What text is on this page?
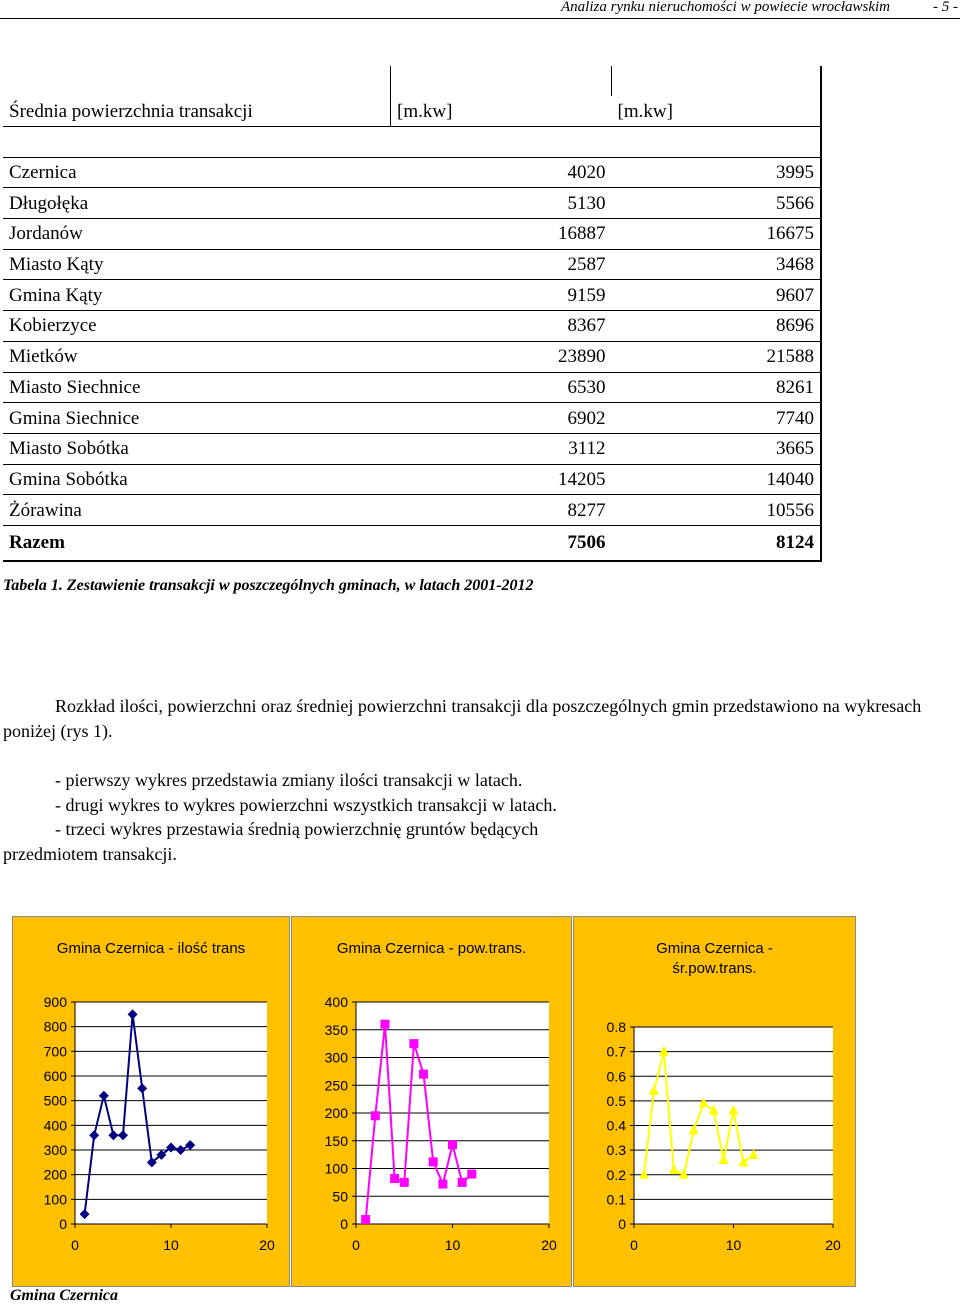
Analiza rynku nieruchomości w powiecie wrocławskim	- 5 -

Średnia powierzchnia transakcji	[m.kw]	[m.kw]

Czernica	4020	3995
Długołęka	5130	5566
Jordanów	16887	16675
Miasto Kąty	2587	3468
Gmina Kąty	9159	9607
Kobierzyce	8367	8696
Mietków	23890	21588
Miasto Siechnice	6530	8261
Gmina Siechnice	6902	7740
Miasto Sobótka	3112	3665
Gmina Sobótka	14205	14040
Żórawina	8277	10556
Razem	7506	8124
Tabela 1. Zestawienie transakcji w poszczególnych gminach, w latach 2001-2012
Rozkład ilości, powierzchni oraz średniej powierzchni transakcji dla poszczególnych gmin przedstawiono na wykresach poniżej (rys 1).
- pierwszy wykres przedstawia zmiany ilości transakcji w latach.
- drugi wykres to wykres powierzchni wszystkich transakcji w latach.
- trzeci wykres przestawia średnią powierzchnię gruntów będących
przedmiotem transakcji.
Gmina Czernica - ilość trans
0
100
200
300
400
500
600
700
800
900
0	10	20
Gmina Czernica - pow.trans.
0
50
100
150
200
250
300
350
400
0	10	20
Gmina Czernica -
śr.pow.trans.
0
0.1
0.2
0.3
0.4
0.5
0.6
0.7
0.8
0	10	20
Gmina Czernica
